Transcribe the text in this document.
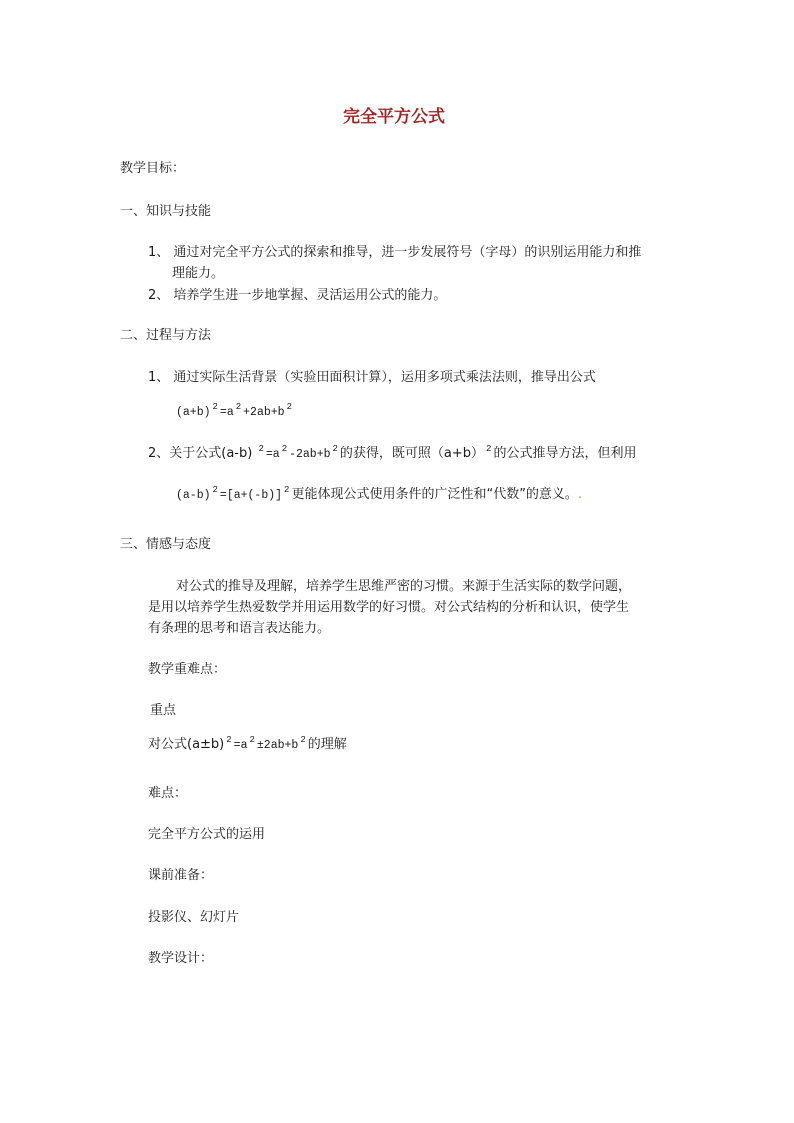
完全平方公式
教学目标：
一、知识与技能
1、 通过对完全平方公式的探索和推导，进一步发展符号（字母）的识别运用能力和推
理能力。
2、 培养学生进一步地掌握、灵活运用公式的能力。
二、过程与方法
1、 通过实际生活背景（实验田面积计算），运用多项式乘法法则，推导出公式
(a+b) $^2$ =a $^2$ +2ab+b $^2$
2、关于公式(a-b) $^2$ =a $^2$ -2ab+b $^2$ 的获得，既可照（a+b） $^2$ 的公式推导方法，但利用
(a-b) $^2$ =[a+(-b)] $^2$ 更能体现公式使用条件的广泛性和“代数”的意义。.
三、情感与态度
对公式的推导及理解，培养学生思维严密的习惯。来源于生活实际的数学问题，
是用以培养学生热爱数学并用运用数学的好习惯。对公式结构的分析和认识，使学生
有条理的思考和语言表达能力。
教学重难点：
重点
对公式(a±b) $^2$ =a $^2$ ±2ab+b $^2$ 的理解
难点：
完全平方公式的运用
课前准备：
投影仪、幻灯片
教学设计：
